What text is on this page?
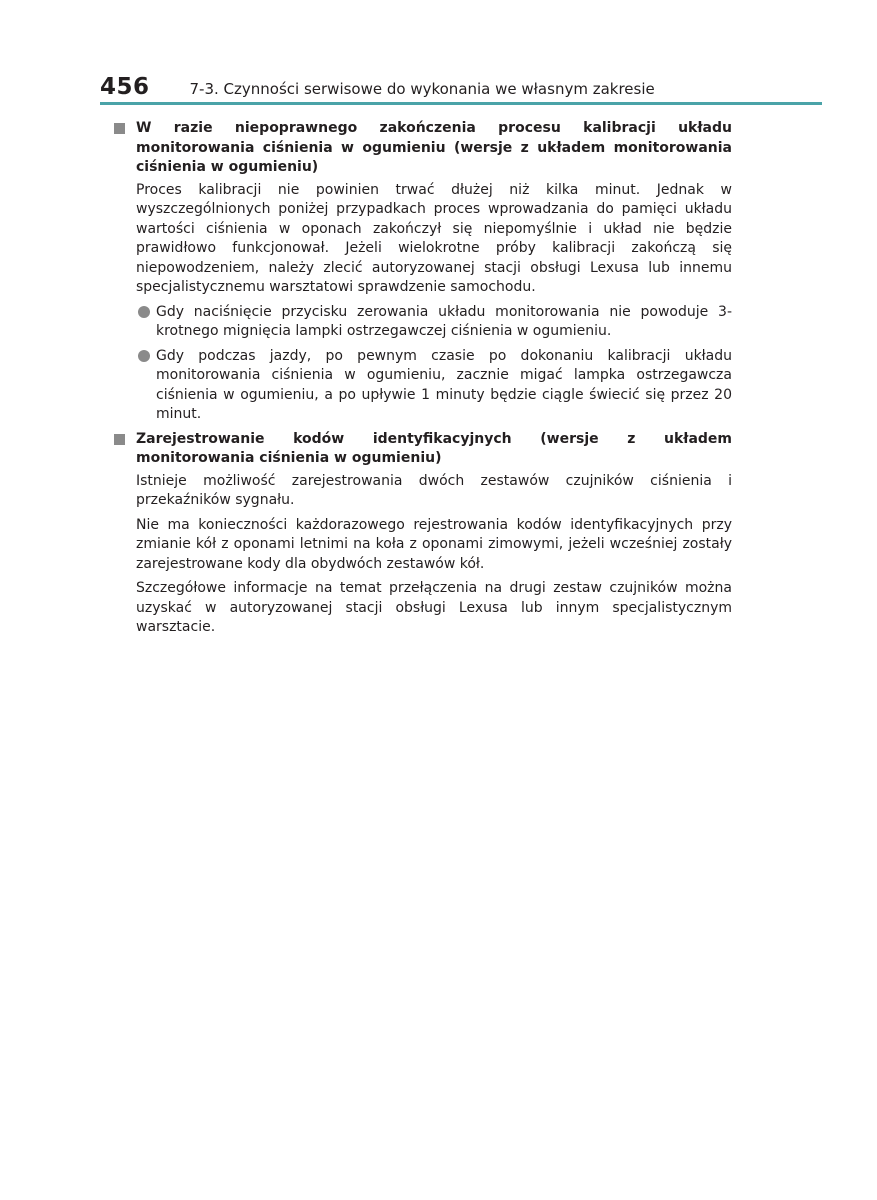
456	7-3. Czynności serwisowe do wykonania we własnym zakresie
W razie niepoprawnego zakończenia procesu kalibracji układu monitorowania ciśnienia w ogumieniu (wersje z układem monitorowania ciśnienia w ogumieniu)

Proces kalibracji nie powinien trwać dłużej niż kilka minut. Jednak w wyszczególnionych poniżej przypadkach proces wprowadzania do pamięci układu wartości ciśnienia w oponach zakończył się niepomyślnie i układ nie będzie prawidłowo funkcjonował. Jeżeli wielokrotne próby kalibracji zakończą się niepowodzeniem, należy zlecić autoryzowanej stacji obsługi Lexusa lub innemu specjalistycznemu warsztatowi sprawdzenie samochodu.

Gdy naciśnięcie przycisku zerowania układu monitorowania nie powoduje 3-krotnego mignięcia lampki ostrzegawczej ciśnienia w ogumieniu.
Gdy podczas jazdy, po pewnym czasie po dokonaniu kalibracji układu monitorowania ciśnienia w ogumieniu, zacznie migać lampka ostrzegawcza ciśnienia w ogumieniu, a po upływie 1 minuty będzie ciągle świecić się przez 20 minut.
Zarejestrowanie kodów identyfikacyjnych (wersje z układem monitorowania ciśnienia w ogumieniu)

Istnieje możliwość zarejestrowania dwóch zestawów czujników ciśnienia i przekaźników sygnału.

Nie ma konieczności każdorazowego rejestrowania kodów identyfikacyjnych przy zmianie kół z oponami letnimi na koła z oponami zimowymi, jeżeli wcześniej zostały zarejestrowane kody dla obydwóch zestawów kół.

Szczegółowe informacje na temat przełączenia na drugi zestaw czujników można uzyskać w autoryzowanej stacji obsługi Lexusa lub innym specjalistycznym warsztacie.
